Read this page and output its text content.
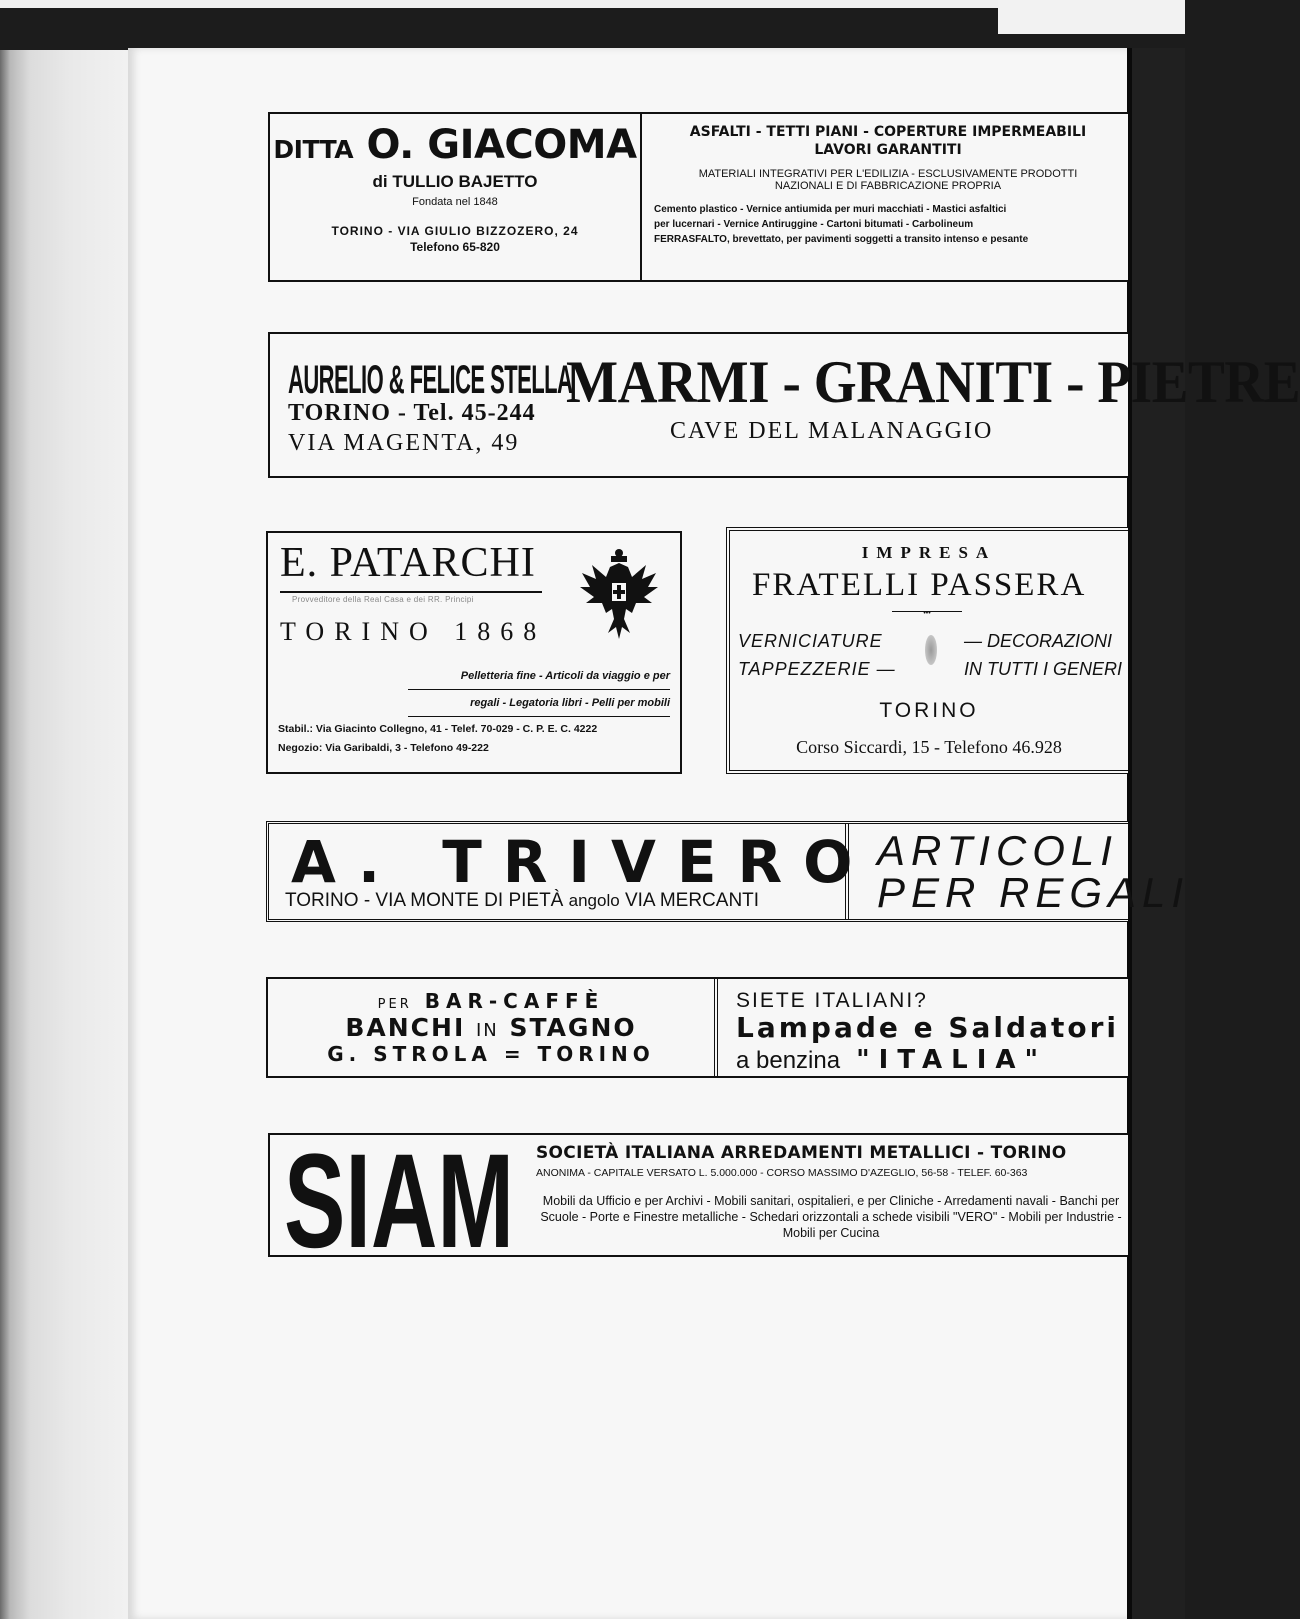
DITTA O. GIACOMA
di TULLIO BAJETTO
Fondata nel 1848
TORINO - VIA GIULIO BIZZOZERO, 24
Telefono 65-820
ASFALTI - TETTI PIANI - COPERTURE IMPERMEABILI
LAVORI GARANTITI
MATERIALI INTEGRATIVI PER L'EDILIZIA - ESCLUSIVAMENTE PRODOTTI
NAZIONALI E DI FABBRICAZIONE PROPRIA
Cemento plastico - Vernice antiumida per muri macchiati - Mastici asfaltici
per lucernari - Vernice Antiruggine - Cartoni bitumati - Carbolineum
FERRASFALTO, brevettato, per pavimenti soggetti a transito intenso e pesante
AURELIO & FELICE STELLA
TORINO - Tel. 45-244
VIA MAGENTA, 49
MARMI - GRANITI - PIETRE
CAVE DEL MALANAGGIO
E. PATARCHI
Provveditore della Real Casa e dei RR. Principi
TORINO 1868
Pelletteria fine - Articoli da viaggio e per
regali - Legatoria libri - Pelli per mobili
Stabil.: Via Giacinto Collegno, 41 - Telef. 70-029 - C. P. E. C. 4222
Negozio: Via Garibaldi, 3 - Telefono 49-222
IMPRESA
FRATELLI PASSERA
•••
VERNICIATURE
TAPPEZZERIE —
— DECORAZIONI
IN TUTTI I GENERI
TORINO
Corso Siccardi, 15 - Telefono 46.928
A. TRIVERO
TORINO - VIA MONTE DI PIETÀ angolo VIA MERCANTI
ARTICOLI
PER REGALI
PER BAR-CAFFÈ
BANCHI IN STAGNO
G. STROLA = TORINO
SIETE ITALIANI?
Lampade e Saldatori
a benzina "ITALIA"
SIAM SOCIETÀ ITALIANA ARREDAMENTI METALLICI - TORINO
ANONIMA - CAPITALE VERSATO L. 5.000.000 - CORSO MASSIMO D'AZEGLIO, 56-58 - TELEF. 60-363
Mobili da Ufficio e per Archivi - Mobili sanitari, ospitalieri, e per Cliniche - Arredamenti navali - Banchi per Scuole - Porte e Finestre metalliche - Schedari orizzontali a schede visibili "VERO" - Mobili per Industrie - Mobili per Cucina
